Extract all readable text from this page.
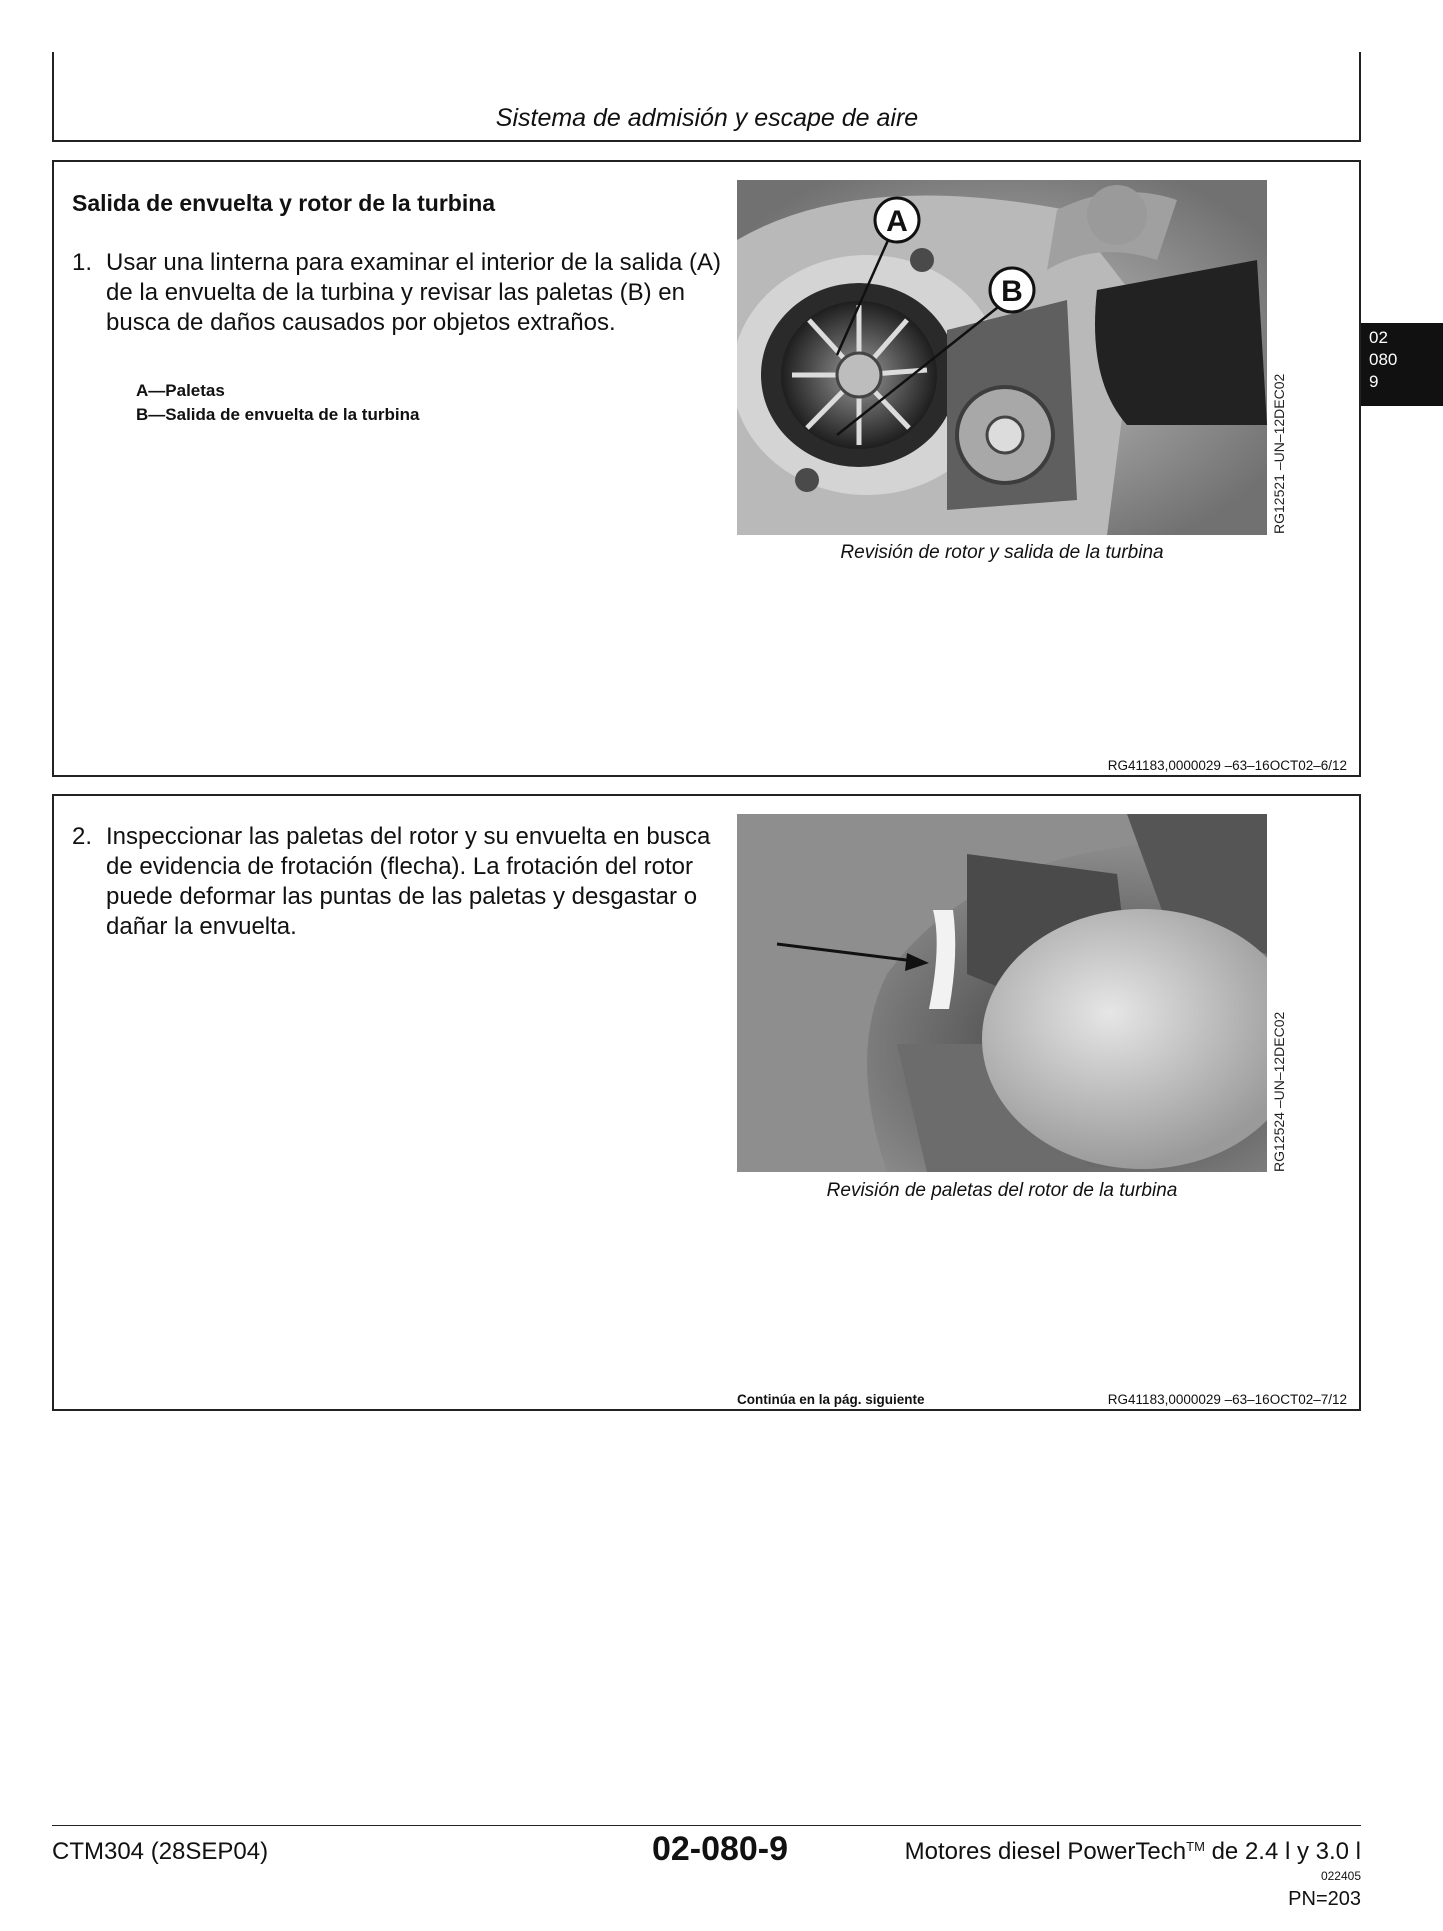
Sistema de admisión y escape de aire
02
080
9
Salida de envuelta y rotor de la turbina
1. Usar una linterna para examinar el interior de la salida (A) de la envuelta de la turbina y revisar las paletas (B) en busca de daños causados por objetos extraños.
A—Paletas
B—Salida de envuelta de la turbina
A
B
RG12521 –UN–12DEC02
Revisión de rotor y salida de la turbina
RG41183,0000029 –63–16OCT02–6/12
2. Inspeccionar las paletas del rotor y su envuelta en busca de evidencia de frotación (flecha). La frotación del rotor puede deformar las puntas de las paletas y desgastar o dañar la envuelta.
RG12524 –UN–12DEC02
Revisión de paletas del rotor de la turbina
Continúa en la pág. siguiente	RG41183,0000029 –63–16OCT02–7/12
CTM304 (28SEP04)	02-080-9	Motores diesel PowerTech™ de 2.4 l y 3.0 l
022405
PN=203
